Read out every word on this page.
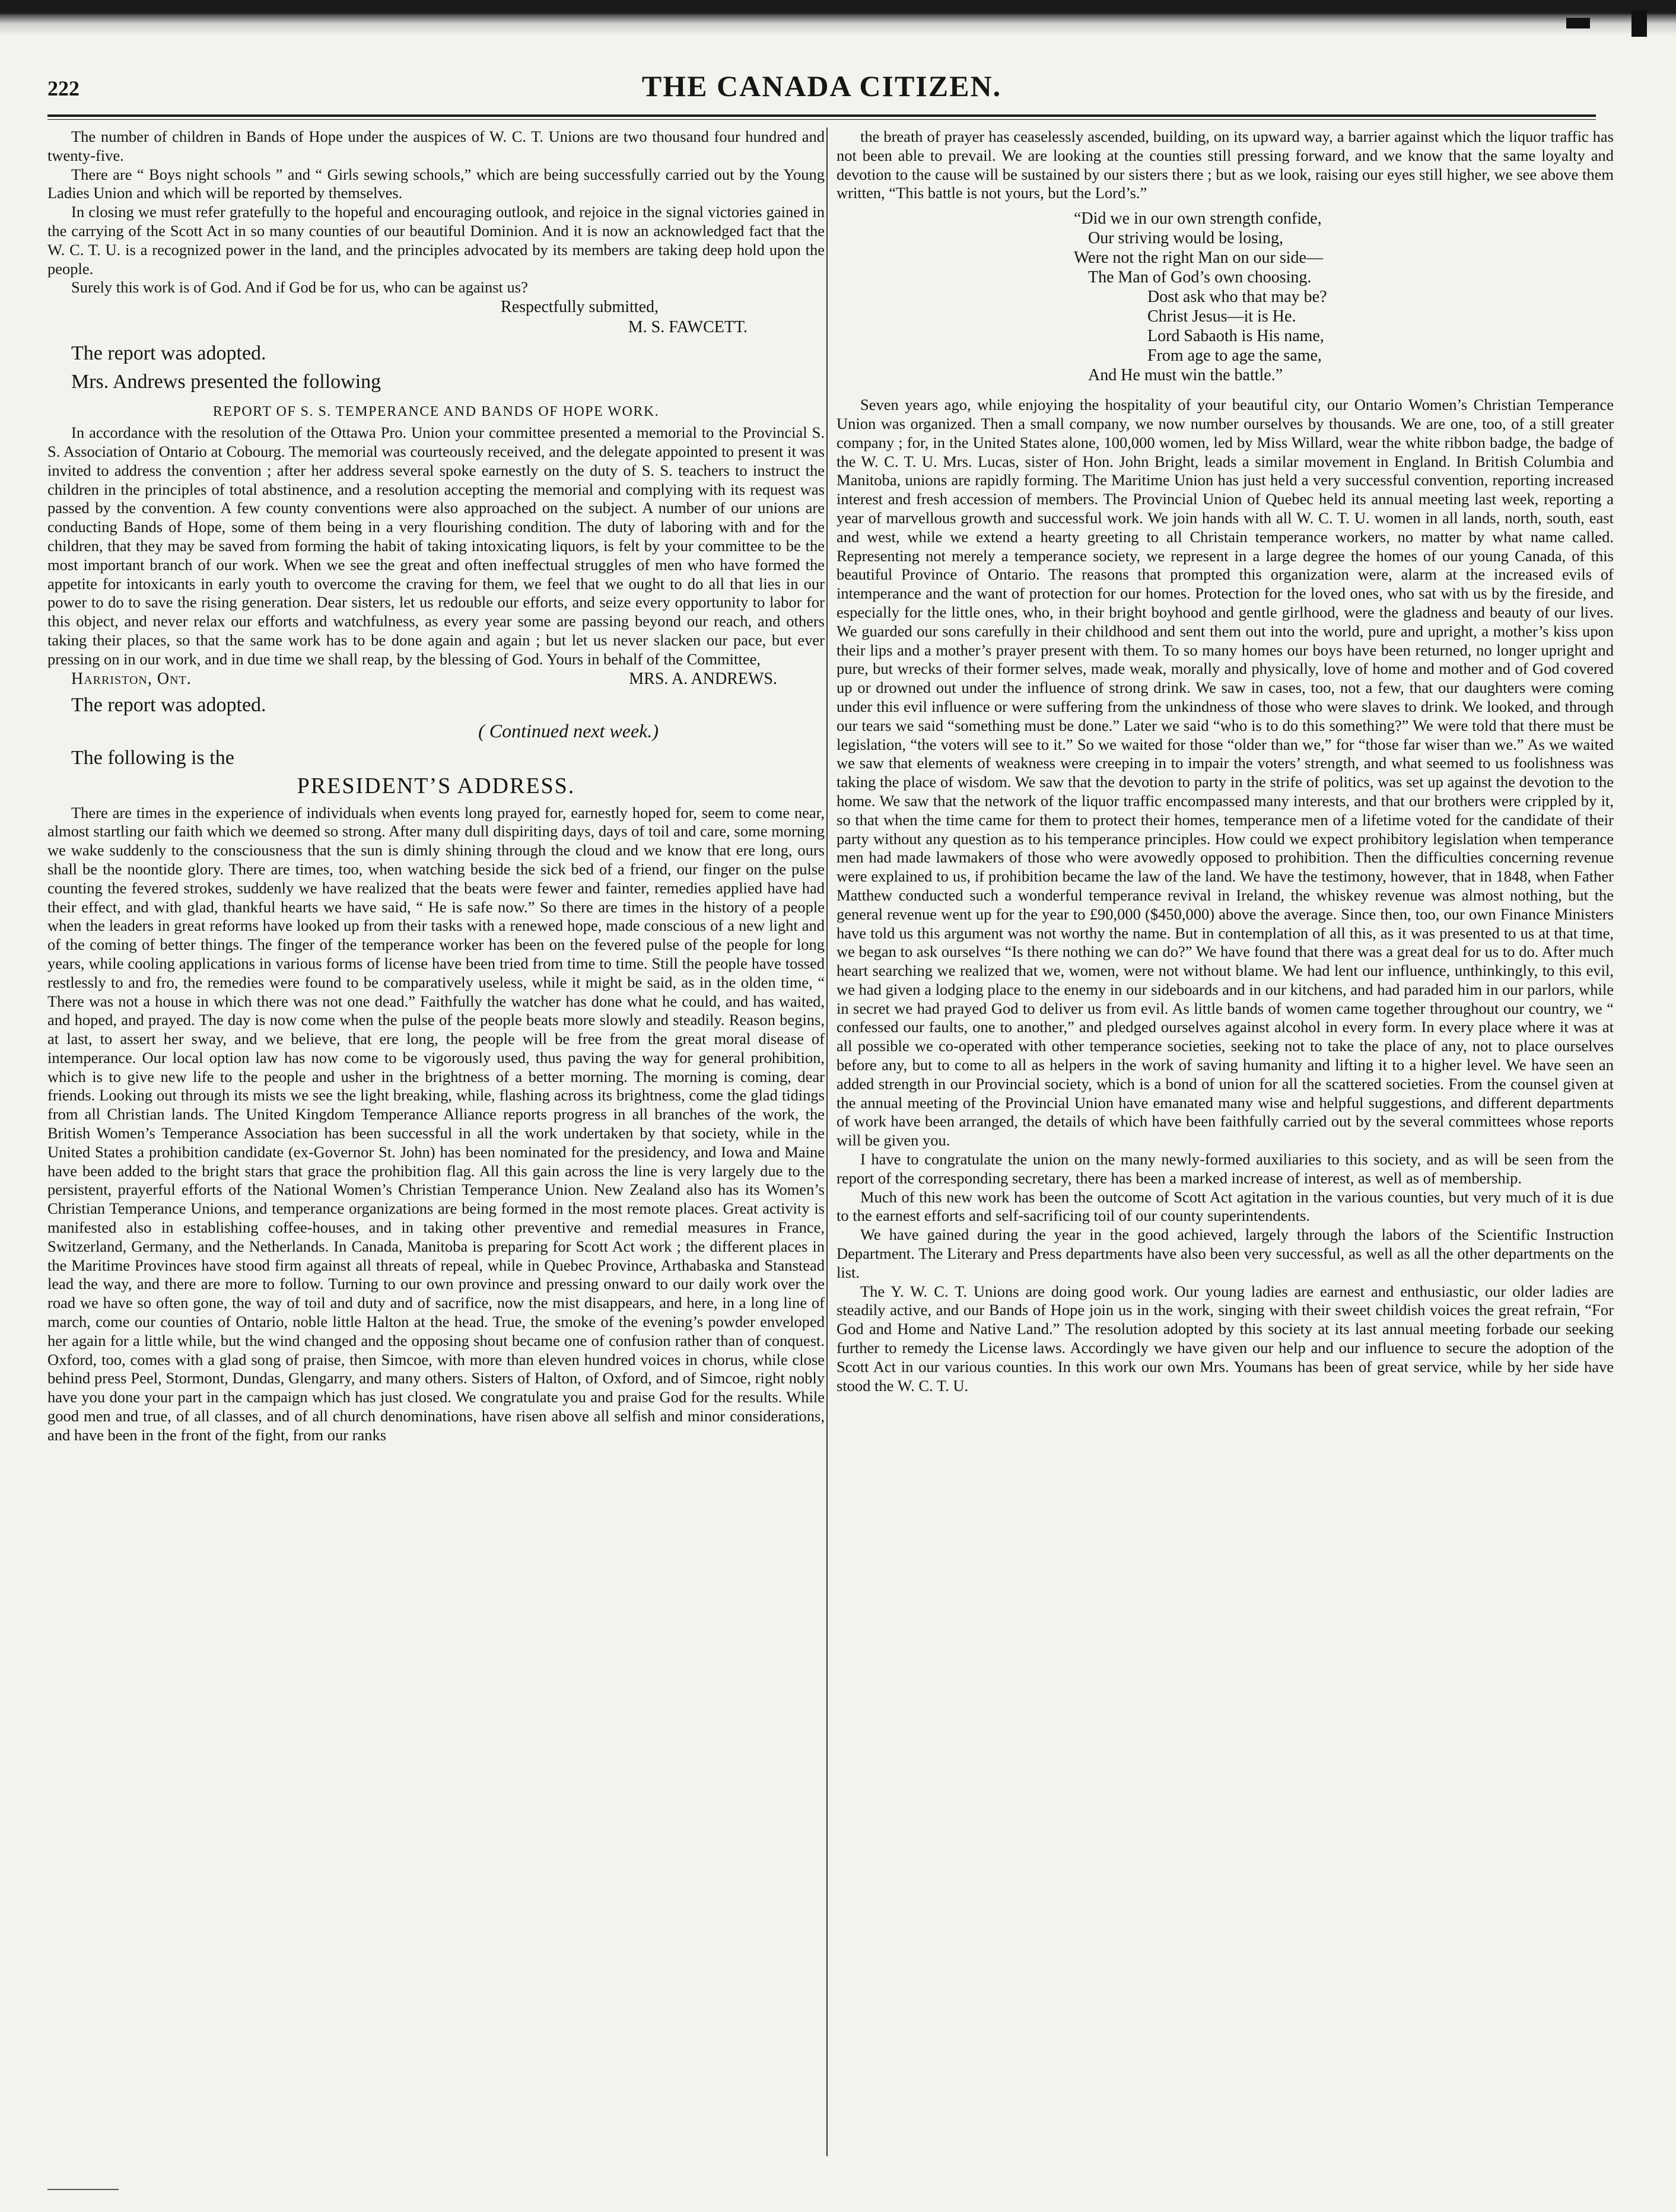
222	THE CANADA CITIZEN.

The number of children in Bands of Hope under the auspices of W. C. T. Unions are two thousand four hundred and twenty-five.

There are “ Boys night schools ” and “ Girls sewing schools,” which are being successfully carried out by the Young Ladies Union and which will be reported by themselves.

In closing we must refer gratefully to the hopeful and encouraging outlook, and rejoice in the signal victories gained in the carrying of the Scott Act in so many counties of our beautiful Dominion. And it is now an acknowledged fact that the W. C. T. U. is a recognized power in the land, and the principles advocated by its members are taking deep hold upon the people.

Surely this work is of God. And if God be for us, who can be against us?

Respectfully submitted,

M. S. FAWCETT.

The report was adopted.

Mrs. Andrews presented the following

REPORT OF S. S. TEMPERANCE AND BANDS OF HOPE WORK.

In accordance with the resolution of the Ottawa Pro. Union your committee presented a memorial to the Provincial S. S. Association of Ontario at Cobourg. The memorial was courteously received, and the delegate appointed to present it was invited to address the convention ; after her address several spoke earnestly on the duty of S. S. teachers to instruct the children in the principles of total abstinence, and a resolution accepting the memorial and complying with its request was passed by the convention. A few county conventions were also approached on the subject. A number of our unions are conducting Bands of Hope, some of them being in a very flourishing condition. The duty of laboring with and for the children, that they may be saved from forming the habit of taking intoxicating liquors, is felt by your committee to be the most important branch of our work. When we see the great and often ineffectual struggles of men who have formed the appetite for intoxicants in early youth to overcome the craving for them, we feel that we ought to do all that lies in our power to do to save the rising generation. Dear sisters, let us redouble our efforts, and seize every opportunity to labor for this object, and never relax our efforts and watchfulness, as every year some are passing beyond our reach, and others taking their places, so that the same work has to be done again and again ; but let us never slacken our pace, but ever pressing on in our work, and in due time we shall reap, by the blessing of God. Yours in behalf of the Committee,

Harriston, Ont.	MRS. A. ANDREWS.

The report was adopted.

( Continued next week.)

The following is the

PRESIDENT’S ADDRESS.

There are times in the experience of individuals when events long prayed for, earnestly hoped for, seem to come near, almost startling our faith which we deemed so strong. After many dull dispiriting days, days of toil and care, some morning we wake suddenly to the consciousness that the sun is dimly shining through the cloud and we know that ere long, ours shall be the noontide glory. There are times, too, when watching beside the sick bed of a friend, our finger on the pulse counting the fevered strokes, suddenly we have realized that the beats were fewer and fainter, remedies applied have had their effect, and with glad, thankful hearts we have said, “ He is safe now.” So there are times in the history of a people when the leaders in great reforms have looked up from their tasks with a renewed hope, made conscious of a new light and of the coming of better things. The finger of the temperance worker has been on the fevered pulse of the people for long years, while cooling applications in various forms of license have been tried from time to time. Still the people have tossed restlessly to and fro, the remedies were found to be comparatively useless, while it might be said, as in the olden time, “ There was not a house in which there was not one dead.” Faithfully the watcher has done what he could, and has waited, and hoped, and prayed. The day is now come when the pulse of the people beats more slowly and steadily. Reason begins, at last, to assert her sway, and we believe, that ere long, the people will be free from the great moral disease of intemperance. Our local option law has now come to be vigorously used, thus paving the way for general prohibition, which is to give new life to the people and usher in the brightness of a better morning. The morning is coming, dear friends. Looking out through its mists we see the light breaking, while, flashing across its brightness, come the glad tidings from all Christian lands. The United Kingdom Temperance Alliance reports progress in all branches of the work, the British Women’s Temperance Association has been successful in all the work undertaken by that society, while in the United States a prohibition candidate (ex-Governor St. John) has been nominated for the presidency, and Iowa and Maine have been added to the bright stars that grace the prohibition flag. All this gain across the line is very largely due to the persistent, prayerful efforts of the National Women’s Christian Temperance Union. New Zealand also has its Women’s Christian Temperance Unions, and temperance organizations are being formed in the most remote places. Great activity is manifested also in establishing coffee-houses, and in taking other preventive and remedial measures in France, Switzerland, Germany, and the Netherlands. In Canada, Manitoba is preparing for Scott Act work ; the different places in the Maritime Provinces have stood firm against all threats of repeal, while in Quebec Province, Arthabaska and Stanstead lead the way, and there are more to follow. Turning to our own province and pressing onward to our daily work over the road we have so often gone, the way of toil and duty and of sacrifice, now the mist disappears, and here, in a long line of march, come our counties of Ontario, noble little Halton at the head. True, the smoke of the evening’s powder enveloped her again for a little while, but the wind changed and the opposing shout became one of confusion rather than of conquest. Oxford, too, comes with a glad song of praise, then Simcoe, with more than eleven hundred voices in chorus, while close behind press Peel, Stormont, Dundas, Glengarry, and many others. Sisters of Halton, of Oxford, and of Simcoe, right nobly have you done your part in the campaign which has just closed. We congratulate you and praise God for the results. While good men and true, of all classes, and of all church denominations, have risen above all selfish and minor considerations, and have been in the front of the fight, from our ranks

the breath of prayer has ceaselessly ascended, building, on its upward way, a barrier against which the liquor traffic has not been able to prevail. We are looking at the counties still pressing forward, and we know that the same loyalty and devotion to the cause will be sustained by our sisters there ; but as we look, raising our eyes still higher, we see above them written, “This battle is not yours, but the Lord’s.”

“Did we in our own strength confide,
Our striving would be losing,
Were not the right Man on our side—
The Man of God’s own choosing.
Dost ask who that may be?
Christ Jesus—it is He.
Lord Sabaoth is His name,
From age to age the same,
And He must win the battle.”

Seven years ago, while enjoying the hospitality of your beautiful city, our Ontario Women’s Christian Temperance Union was organized. Then a small company, we now number ourselves by thousands. We are one, too, of a still greater company ; for, in the United States alone, 100,000 women, led by Miss Willard, wear the white ribbon badge, the badge of the W. C. T. U. Mrs. Lucas, sister of Hon. John Bright, leads a similar movement in England. In British Columbia and Manitoba, unions are rapidly forming. The Maritime Union has just held a very successful convention, reporting increased interest and fresh accession of members. The Provincial Union of Quebec held its annual meeting last week, reporting a year of marvellous growth and successful work. We join hands with all W. C. T. U. women in all lands, north, south, east and west, while we extend a hearty greeting to all Christain temperance workers, no matter by what name called. Representing not merely a temperance society, we represent in a large degree the homes of our young Canada, of this beautiful Province of Ontario. The reasons that prompted this organization were, alarm at the increased evils of intemperance and the want of protection for our homes. Protection for the loved ones, who sat with us by the fireside, and especially for the little ones, who, in their bright boyhood and gentle girlhood, were the gladness and beauty of our lives. We guarded our sons carefully in their childhood and sent them out into the world, pure and upright, a mother’s kiss upon their lips and a mother’s prayer present with them. To so many homes our boys have been returned, no longer upright and pure, but wrecks of their former selves, made weak, morally and physically, love of home and mother and of God covered up or drowned out under the influence of strong drink. We saw in cases, too, not a few, that our daughters were coming under this evil influence or were suffering from the unkindness of those who were slaves to drink. We looked, and through our tears we said “something must be done.” Later we said “who is to do this something?” We were told that there must be legislation, “the voters will see to it.” So we waited for those “older than we,” for “those far wiser than we.” As we waited we saw that elements of weakness were creeping in to impair the voters’ strength, and what seemed to us foolishness was taking the place of wisdom. We saw that the devotion to party in the strife of politics, was set up against the devotion to the home. We saw that the network of the liquor traffic encompassed many interests, and that our brothers were crippled by it, so that when the time came for them to protect their homes, temperance men of a lifetime voted for the candidate of their party without any question as to his temperance principles. How could we expect prohibitory legislation when temperance men had made lawmakers of those who were avowedly opposed to prohibition. Then the difficulties concerning revenue were explained to us, if prohibition became the law of the land. We have the testimony, however, that in 1848, when Father Matthew conducted such a wonderful temperance revival in Ireland, the whiskey revenue was almost nothing, but the general revenue went up for the year to £90,000 ($450,000) above the average. Since then, too, our own Finance Ministers have told us this argument was not worthy the name. But in contemplation of all this, as it was presented to us at that time, we began to ask ourselves “Is there nothing we can do?” We have found that there was a great deal for us to do. After much heart searching we realized that we, women, were not without blame. We had lent our influence, unthinkingly, to this evil, we had given a lodging place to the enemy in our sideboards and in our kitchens, and had paraded him in our parlors, while in secret we had prayed God to deliver us from evil. As little bands of women came together throughout our country, we “ confessed our faults, one to another,” and pledged ourselves against alcohol in every form. In every place where it was at all possible we co-operated with other temperance societies, seeking not to take the place of any, not to place ourselves before any, but to come to all as helpers in the work of saving humanity and lifting it to a higher level. We have seen an added strength in our Provincial society, which is a bond of union for all the scattered societies. From the counsel given at the annual meeting of the Provincial Union have emanated many wise and helpful suggestions, and different departments of work have been arranged, the details of which have been faithfully carried out by the several committees whose reports will be given you.

I have to congratulate the union on the many newly-formed auxiliaries to this society, and as will be seen from the report of the corresponding secretary, there has been a marked increase of interest, as well as of membership.

Much of this new work has been the outcome of Scott Act agitation in the various counties, but very much of it is due to the earnest efforts and self-sacrificing toil of our county superintendents.

We have gained during the year in the good achieved, largely through the labors of the Scientific Instruction Department. The Literary and Press departments have also been very successful, as well as all the other departments on the list.

The Y. W. C. T. Unions are doing good work. Our young ladies are earnest and enthusiastic, our older ladies are steadily active, and our Bands of Hope join us in the work, singing with their sweet childish voices the great refrain, “For God and Home and Native Land.” The resolution adopted by this society at its last annual meeting forbade our seeking further to remedy the License laws. Accordingly we have given our help and our influence to secure the adoption of the Scott Act in our various counties. In this work our own Mrs. Youmans has been of great service, while by her side have stood the W. C. T. U.
